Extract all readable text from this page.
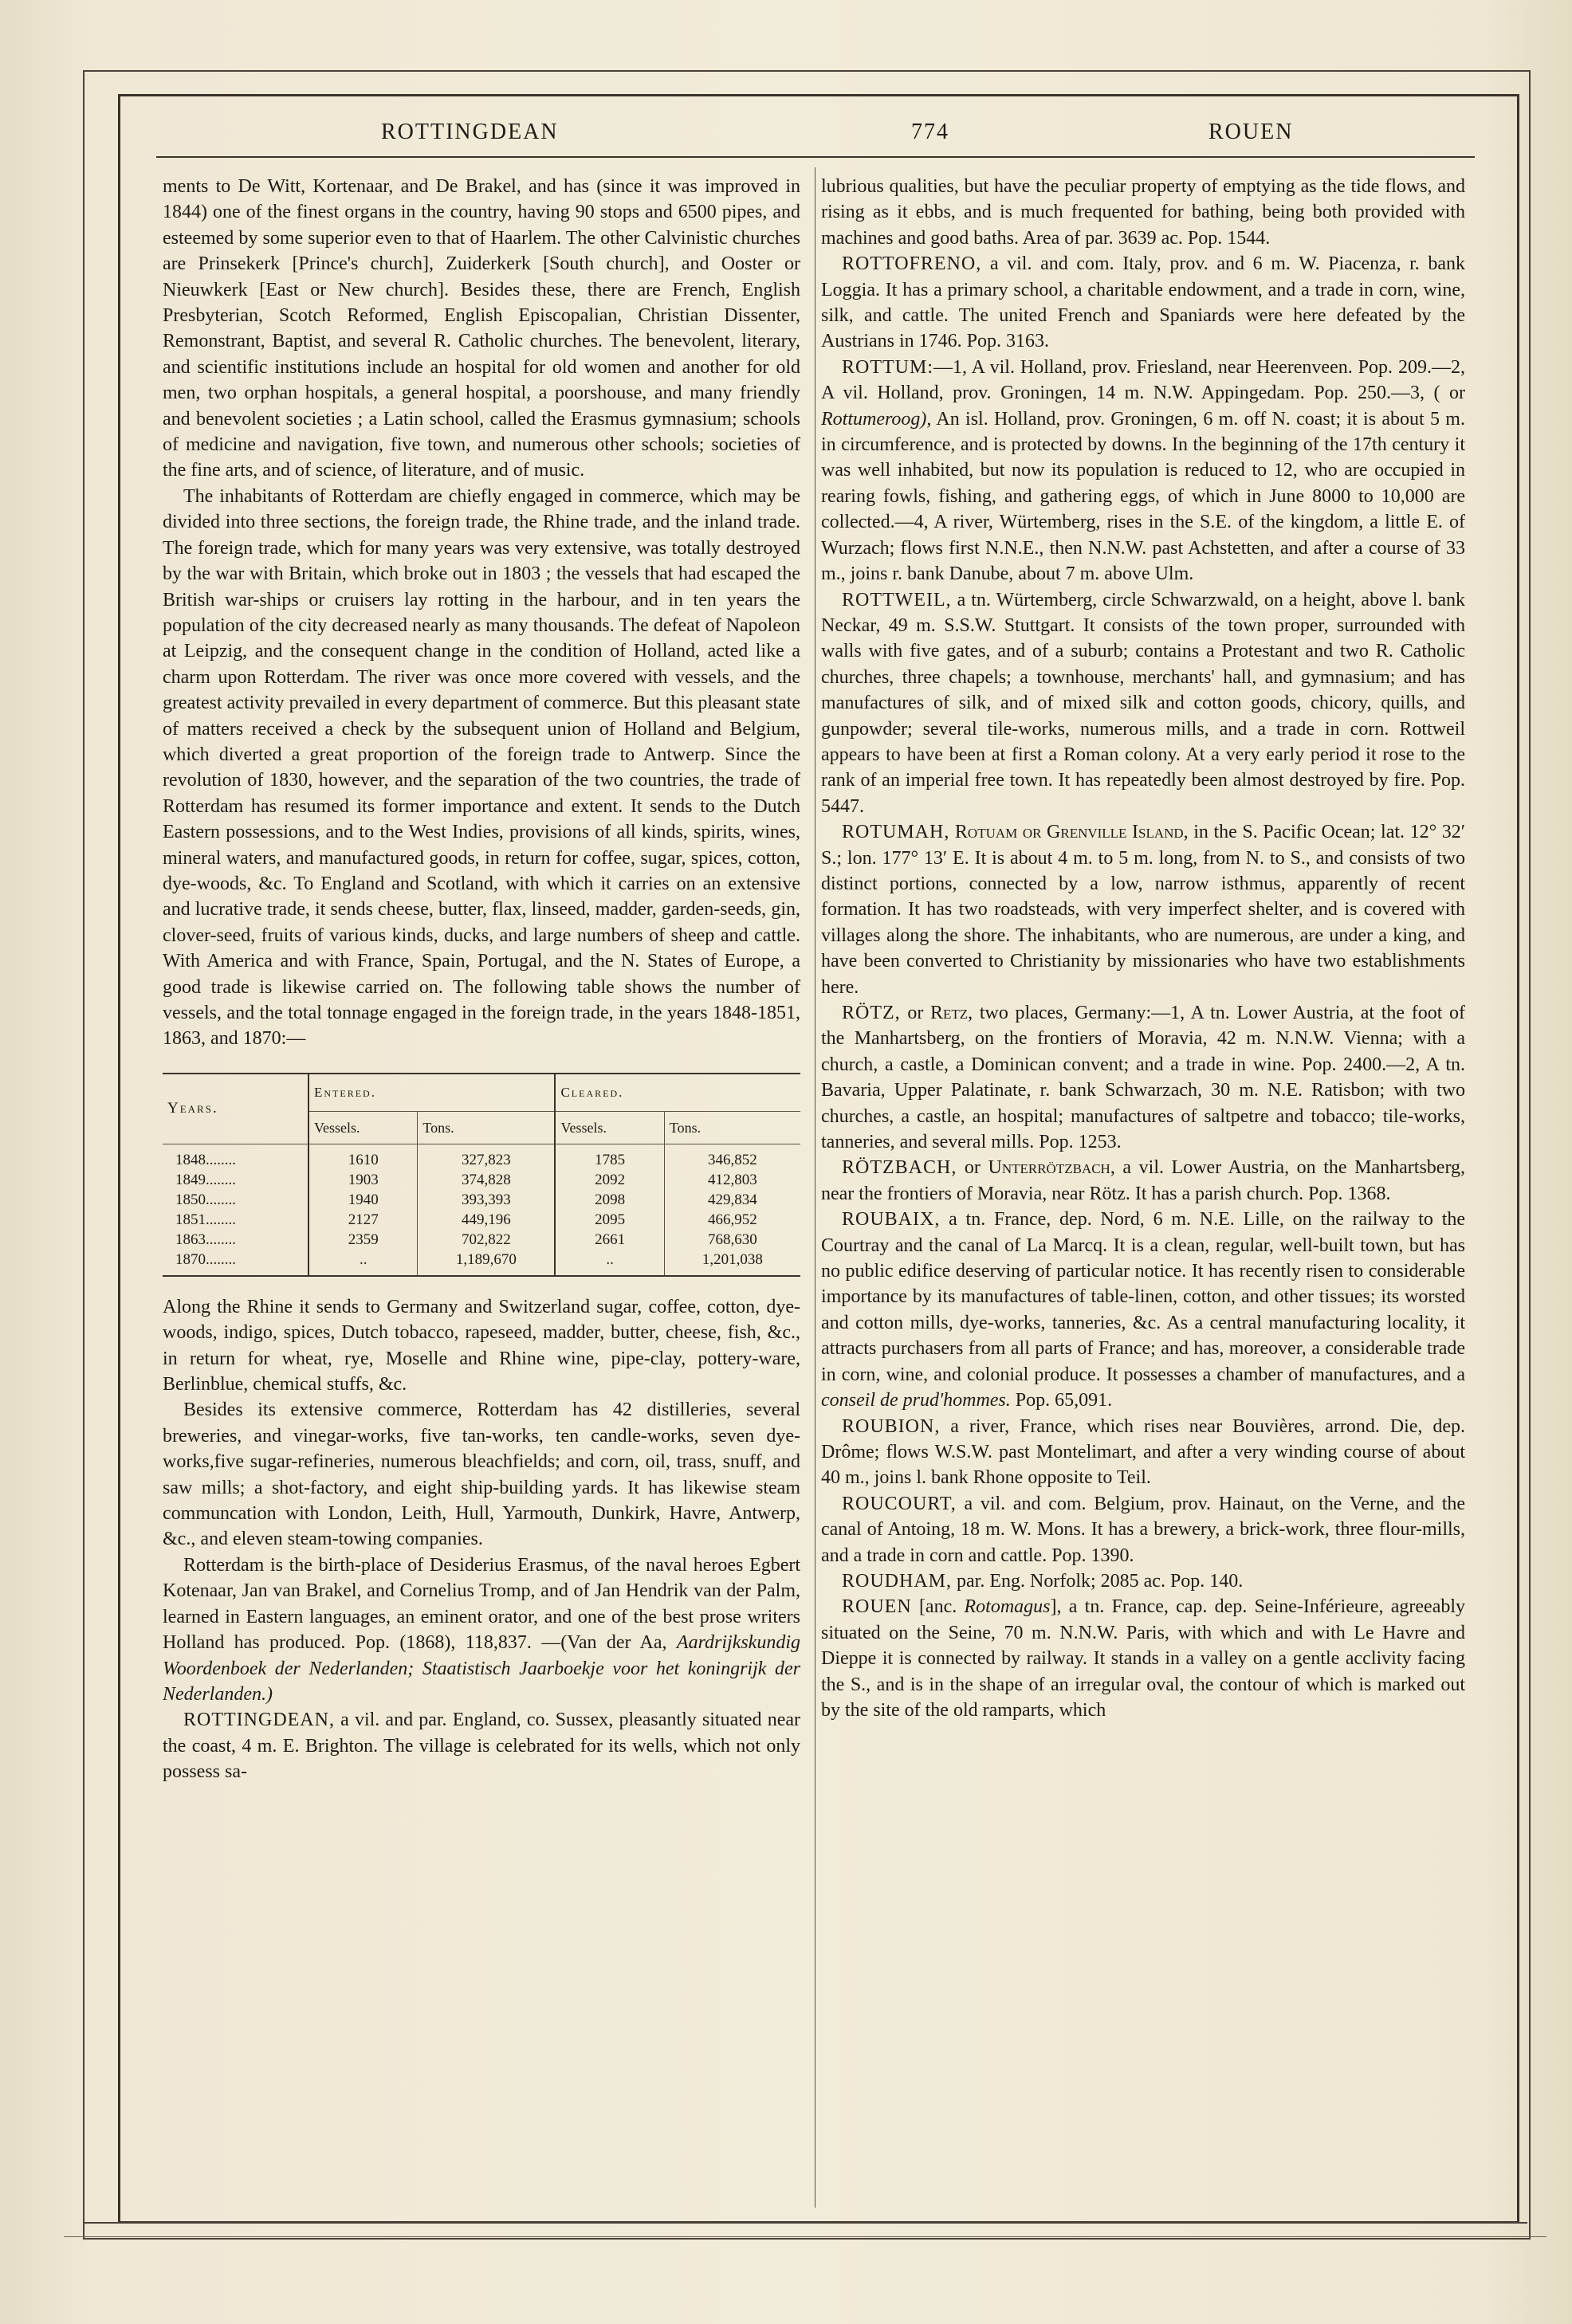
ROTTINGDEAN	774	ROUEN

ments to De Witt, Kortenaar, and De Brakel, and has (since it was improved in 1844) one of the finest organs in the country, having 90 stops and 6500 pipes, and esteemed by some superior even to that of Haarlem. The other Calvinistic churches are Prinsekerk [Prince's church], Zuiderkerk [South church], and Ooster or Nieuwkerk [East or New church]. Besides these, there are French, English Presbyterian, Scotch Reformed, English Episcopalian, Christian Dissenter, Remonstrant, Baptist, and several R. Catholic churches. The benevolent, literary, and scientific institutions include an hospital for old women and another for old men, two orphan hospitals, a general hospital, a poorshouse, and many friendly and benevolent societies ; a Latin school, called the Erasmus gymnasium; schools of medicine and navigation, five town, and numerous other schools; societies of the fine arts, and of science, of literature, and of music.

The inhabitants of Rotterdam are chiefly engaged in commerce, which may be divided into three sections, the foreign trade, the Rhine trade, and the inland trade. The foreign trade, which for many years was very extensive, was totally destroyed by the war with Britain, which broke out in 1803 ; the vessels that had escaped the British war-ships or cruisers lay rotting in the harbour, and in ten years the population of the city decreased nearly as many thousands. The defeat of Napoleon at Leipzig, and the consequent change in the condition of Holland, acted like a charm upon Rotterdam. The river was once more covered with vessels, and the greatest activity prevailed in every department of commerce. But this pleasant state of matters received a check by the subsequent union of Holland and Belgium, which diverted a great proportion of the foreign trade to Antwerp. Since the revolution of 1830, however, and the separation of the two countries, the trade of Rotterdam has resumed its former importance and extent. It sends to the Dutch Eastern possessions, and to the West Indies, provisions of all kinds, spirits, wines, mineral waters, and manufactured goods, in return for coffee, sugar, spices, cotton, dye-woods, &c. To England and Scotland, with which it carries on an extensive and lucrative trade, it sends cheese, butter, flax, linseed, madder, garden-seeds, gin, clover-seed, fruits of various kinds, ducks, and large numbers of sheep and cattle. With America and with France, Spain, Portugal, and the N. States of Europe, a good trade is likewise carried on. The following table shows the number of vessels, and the total tonnage engaged in the foreign trade, in the years 1848-1851, 1863, and 1870:—

Years.	Entered.		Cleared.	
	Vessels.	Tons.	Vessels.	Tons.
1848........	1610	327,823	1785	346,852
1849........	1903	374,828	2092	412,803
1850........	1940	393,393	2098	429,834
1851........	2127	449,196	2095	466,952
1863........	2359	702,822	2661	768,630
1870........	..	1,189,670	..	1,201,038

Along the Rhine it sends to Germany and Switzerland sugar, coffee, cotton, dye-woods, indigo, spices, Dutch tobacco, rapeseed, madder, butter, cheese, fish, &c., in return for wheat, rye, Moselle and Rhine wine, pipe-clay, pottery-ware, Berlinblue, chemical stuffs, &c.

Besides its extensive commerce, Rotterdam has 42 distilleries, several breweries, and vinegar-works, five tan-works, ten candle-works, seven dye-works,five sugar-refineries, numerous bleachfields; and corn, oil, trass, snuff, and saw mills; a shot-factory, and eight ship-building yards. It has likewise steam communcation with London, Leith, Hull, Yarmouth, Dunkirk, Havre, Antwerp, &c., and eleven steam-towing companies.

Rotterdam is the birth-place of Desiderius Erasmus, of the naval heroes Egbert Kotenaar, Jan van Brakel, and Cornelius Tromp, and of Jan Hendrik van der Palm, learned in Eastern languages, an eminent orator, and one of the best prose writers Holland has produced. Pop. (1868), 118,837. —(Van der Aa, Aardrijkskundig Woordenboek der Nederlanden; Staatistisch Jaarboekje voor het koningrijk der Nederlanden.)

ROTTINGDEAN, a vil. and par. England, co. Sussex, pleasantly situated near the coast, 4 m. E. Brighton. The village is celebrated for its wells, which not only possess sa-

lubrious qualities, but have the peculiar property of emptying as the tide flows, and rising as it ebbs, and is much frequented for bathing, being both provided with machines and good baths. Area of par. 3639 ac. Pop. 1544.

ROTTOFRENO, a vil. and com. Italy, prov. and 6 m. W. Piacenza, r. bank Loggia. It has a primary school, a charitable endowment, and a trade in corn, wine, silk, and cattle. The united French and Spaniards were here defeated by the Austrians in 1746. Pop. 3163.

ROTTUM:—1, A vil. Holland, prov. Friesland, near Heerenveen. Pop. 209.—2, A vil. Holland, prov. Groningen, 14 m. N.W. Appingedam. Pop. 250.—3, ( or Rottumeroog), An isl. Holland, prov. Groningen, 6 m. off N. coast; it is about 5 m. in circumference, and is protected by downs. In the beginning of the 17th century it was well inhabited, but now its population is reduced to 12, who are occupied in rearing fowls, fishing, and gathering eggs, of which in June 8000 to 10,000 are collected.—4, A river, Würtemberg, rises in the S.E. of the kingdom, a little E. of Wurzach; flows first N.N.E., then N.N.W. past Achstetten, and after a course of 33 m., joins r. bank Danube, about 7 m. above Ulm.

ROTTWEIL, a tn. Würtemberg, circle Schwarzwald, on a height, above l. bank Neckar, 49 m. S.S.W. Stuttgart. It consists of the town proper, surrounded with walls with five gates, and of a suburb; contains a Protestant and two R. Catholic churches, three chapels; a townhouse, merchants' hall, and gymnasium; and has manufactures of silk, and of mixed silk and cotton goods, chicory, quills, and gunpowder; several tile-works, numerous mills, and a trade in corn. Rottweil appears to have been at first a Roman colony. At a very early period it rose to the rank of an imperial free town. It has repeatedly been almost destroyed by fire. Pop. 5447.

ROTUMAH, Rotuam or Grenville Island, in the S. Pacific Ocean; lat. 12° 32′ S.; lon. 177° 13′ E. It is about 4 m. to 5 m. long, from N. to S., and consists of two distinct portions, connected by a low, narrow isthmus, apparently of recent formation. It has two roadsteads, with very imperfect shelter, and is covered with villages along the shore. The inhabitants, who are numerous, are under a king, and have been converted to Christianity by missionaries who have two establishments here.

RÖTZ, or Retz, two places, Germany:—1, A tn. Lower Austria, at the foot of the Manhartsberg, on the frontiers of Moravia, 42 m. N.N.W. Vienna; with a church, a castle, a Dominican convent; and a trade in wine. Pop. 2400.—2, A tn. Bavaria, Upper Palatinate, r. bank Schwarzach, 30 m. N.E. Ratisbon; with two churches, a castle, an hospital; manufactures of saltpetre and tobacco; tile-works, tanneries, and several mills. Pop. 1253.

RÖTZBACH, or Unterrötzbach, a vil. Lower Austria, on the Manhartsberg, near the frontiers of Moravia, near Rötz. It has a parish church. Pop. 1368.

ROUBAIX, a tn. France, dep. Nord, 6 m. N.E. Lille, on the railway to the Courtray and the canal of La Marcq. It is a clean, regular, well-built town, but has no public edifice deserving of particular notice. It has recently risen to considerable importance by its manufactures of table-linen, cotton, and other tissues; its worsted and cotton mills, dye-works, tanneries, &c. As a central manufacturing locality, it attracts purchasers from all parts of France; and has, moreover, a considerable trade in corn, wine, and colonial produce. It possesses a chamber of manufactures, and a conseil de prud'hommes. Pop. 65,091.

ROUBION, a river, France, which rises near Bouvières, arrond. Die, dep. Drôme; flows W.S.W. past Montelimart, and after a very winding course of about 40 m., joins l. bank Rhone opposite to Teil.

ROUCOURT, a vil. and com. Belgium, prov. Hainaut, on the Verne, and the canal of Antoing, 18 m. W. Mons. It has a brewery, a brick-work, three flour-mills, and a trade in corn and cattle. Pop. 1390.

ROUDHAM, par. Eng. Norfolk; 2085 ac. Pop. 140.

ROUEN [anc. Rotomagus], a tn. France, cap. dep. Seine-Inférieure, agreeably situated on the Seine, 70 m. N.N.W. Paris, with which and with Le Havre and Dieppe it is connected by railway. It stands in a valley on a gentle acclivity facing the S., and is in the shape of an irregular oval, the contour of which is marked out by the site of the old ramparts, which
